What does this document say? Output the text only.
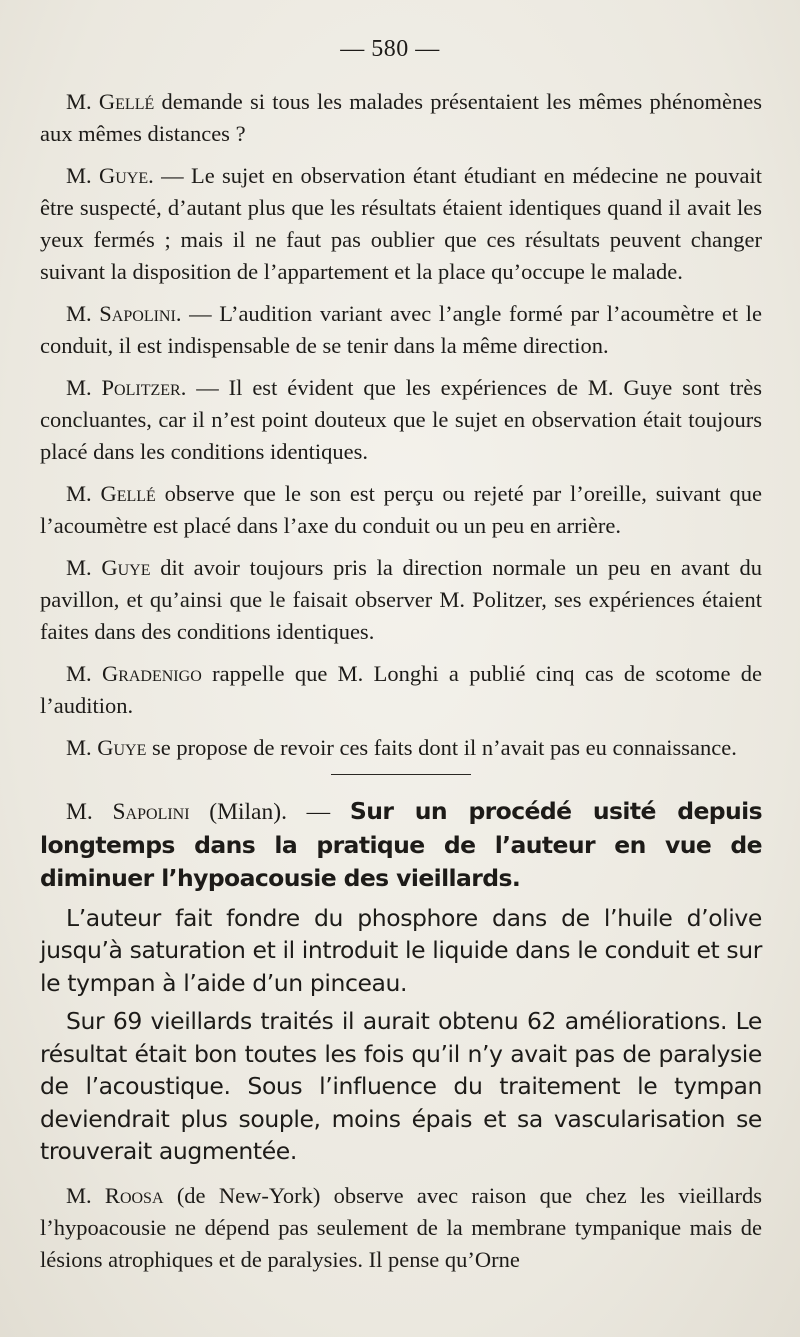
— 580 —

M. Gellé demande si tous les malades présentaient les mêmes phénomènes aux mêmes distances ?

M. Guye. — Le sujet en observation étant étudiant en médecine ne pouvait être suspecté, d’autant plus que les résultats étaient identiques quand il avait les yeux fermés ; mais il ne faut pas oublier que ces résultats peuvent changer suivant la disposition de l’appartement et la place qu’occupe le malade.

M. Sapolini. — L’audition variant avec l’angle formé par l’acoumètre et le conduit, il est indispensable de se tenir dans la même direction.

M. Politzer. — Il est évident que les expériences de M. Guye sont très concluantes, car il n’est point douteux que le sujet en observation était toujours placé dans les conditions identiques.

M. Gellé observe que le son est perçu ou rejeté par l’oreille, suivant que l’acoumètre est placé dans l’axe du conduit ou un peu en arrière.

M. Guye dit avoir toujours pris la direction normale un peu en avant du pavillon, et qu’ainsi que le faisait observer M. Politzer, ses expériences étaient faites dans des conditions identiques.

M. Gradenigo rappelle que M. Longhi a publié cinq cas de scotome de l’audition.

M. Guye se propose de revoir ces faits dont il n’avait pas eu connaissance.

M. Sapolini (Milan). — Sur un procédé usité depuis longtemps dans la pratique de l’auteur en vue de diminuer l’hypoacousie des vieillards.

L’auteur fait fondre du phosphore dans de l’huile d’olive jusqu’à saturation et il introduit le liquide dans le conduit et sur le tympan à l’aide d’un pinceau.

Sur 69 vieillards traités il aurait obtenu 62 améliorations. Le résultat était bon toutes les fois qu’il n’y avait pas de paralysie de l’acoustique. Sous l’influence du traitement le tympan deviendrait plus souple, moins épais et sa vascularisation se trouverait augmentée.

M. Roosa (de New-York) observe avec raison que chez les vieillards l’hypoacousie ne dépend pas seulement de la membrane tympanique mais de lésions atrophiques et de paralysies. Il pense qu’Orne
